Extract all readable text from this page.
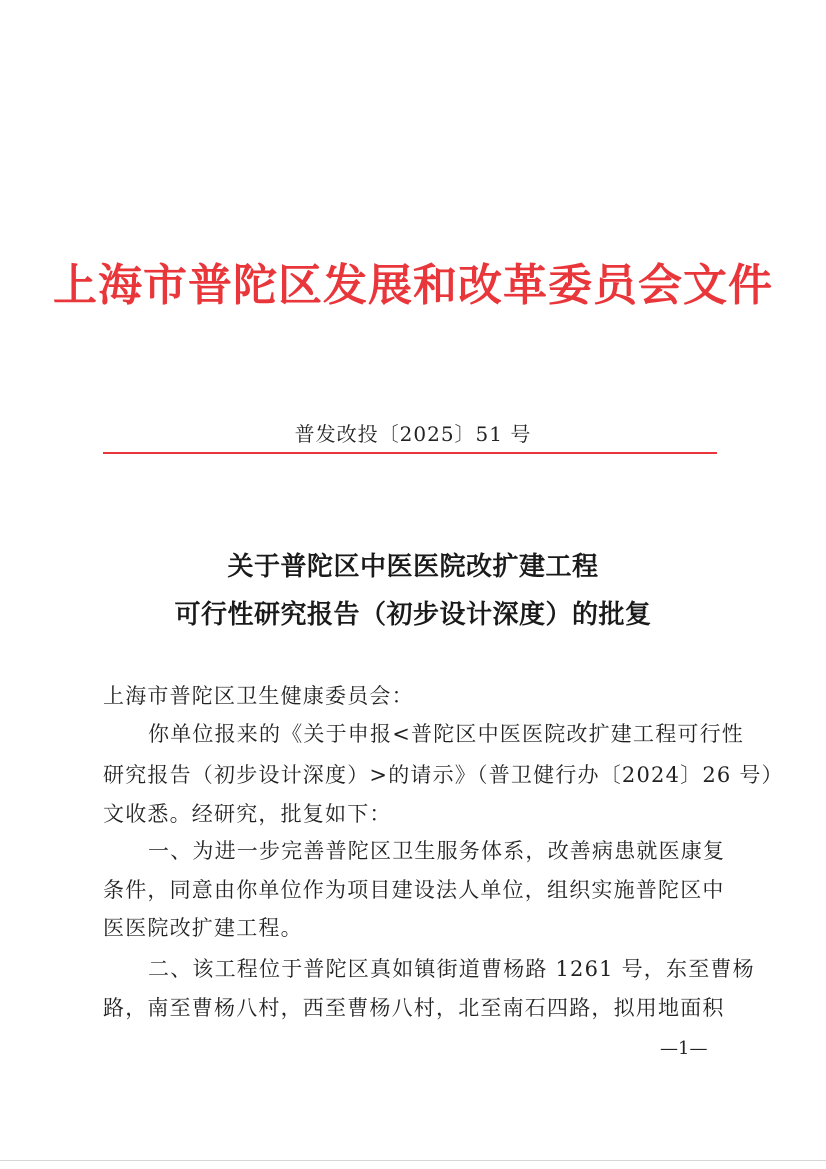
上海市普陀区发展和改革委员会文件
普发改投〔2025〕51 号
关于普陀区中医医院改扩建工程
可行性研究报告（初步设计深度）的批复
上海市普陀区卫生健康委员会：
你单位报来的《关于申报<普陀区中医医院改扩建工程可行性
研究报告（初步设计深度）>的请示》（普卫健行办〔2024〕26 号）
文收悉。经研究，批复如下：
一、为进一步完善普陀区卫生服务体系，改善病患就医康复
条件，同意由你单位作为项目建设法人单位，组织实施普陀区中
医医院改扩建工程。
二、该工程位于普陀区真如镇街道曹杨路 1261 号，东至曹杨
路，南至曹杨八村，西至曹杨八村，北至南石四路，拟用地面积
—1—
